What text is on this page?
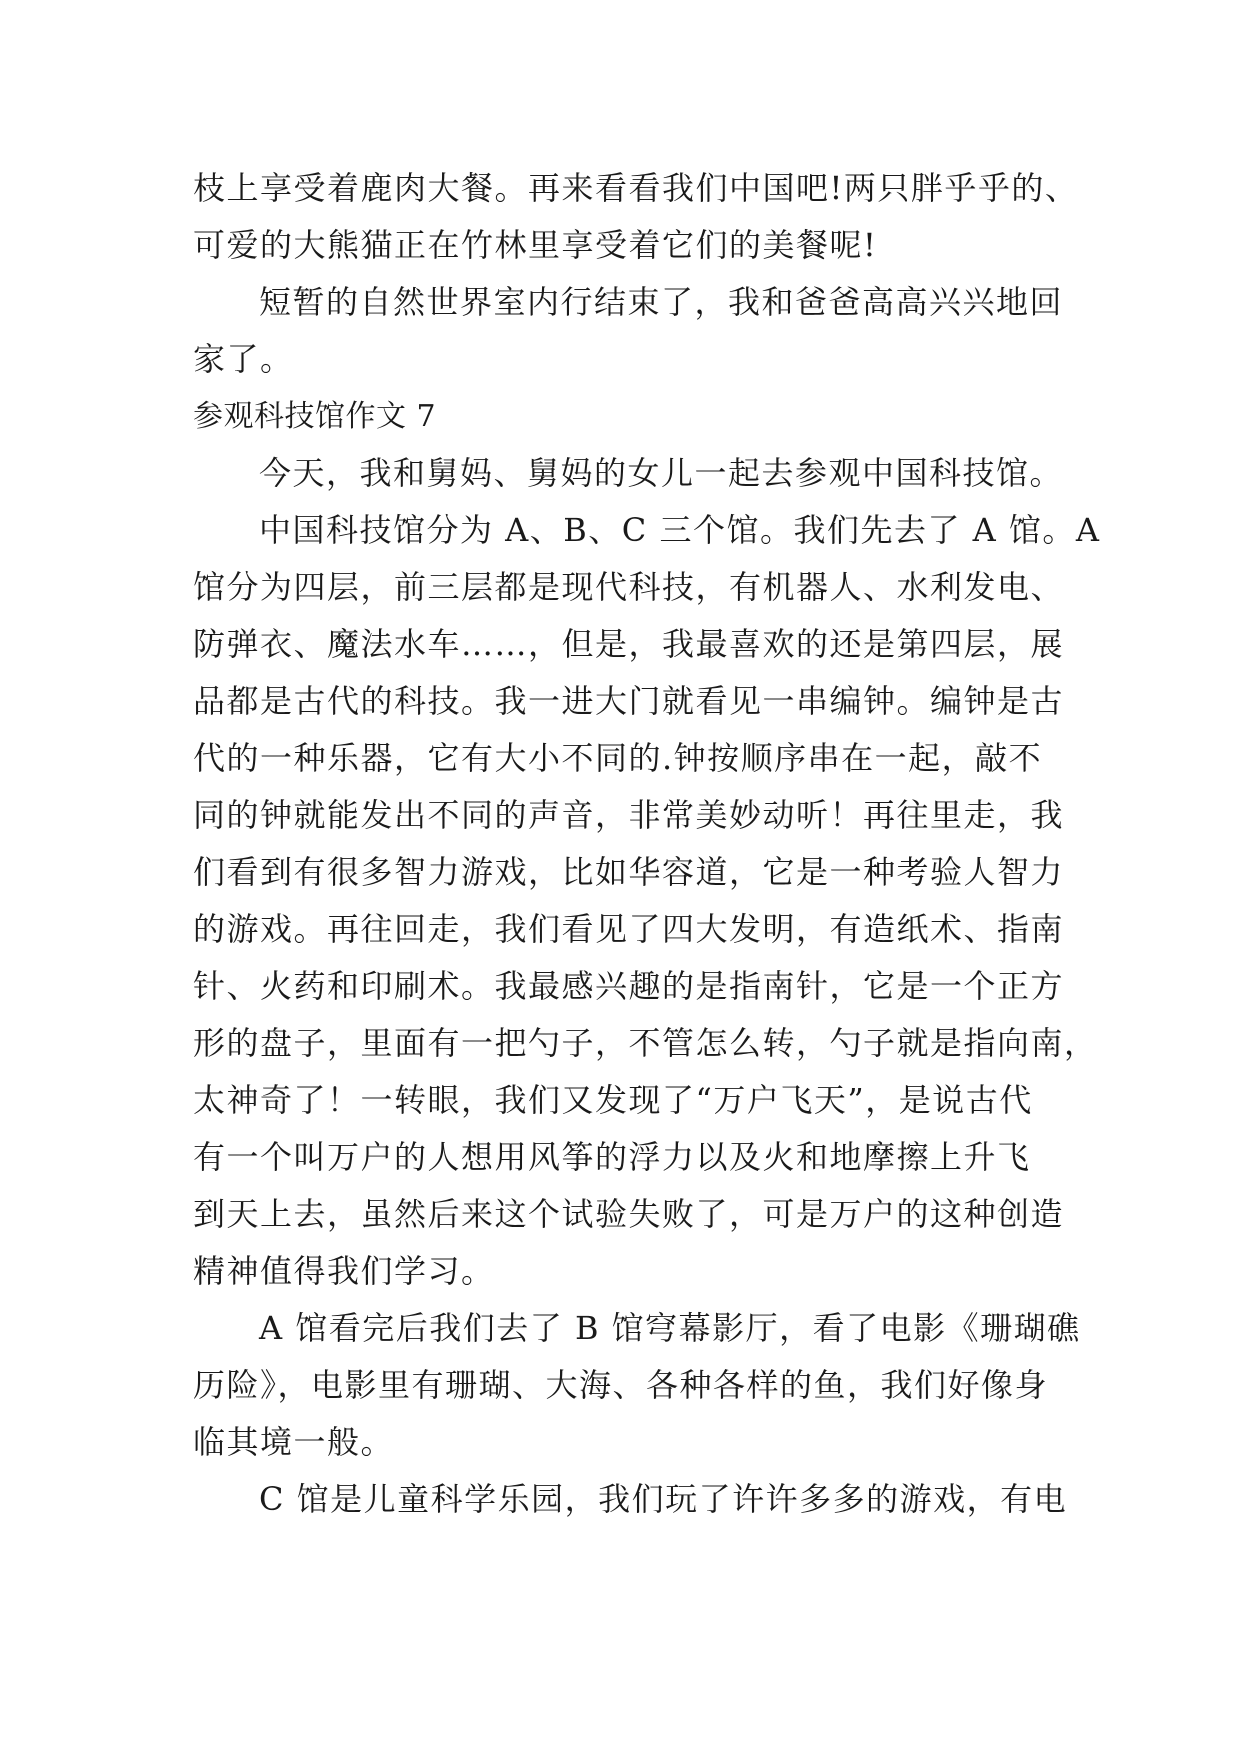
枝上享受着鹿肉大餐。再来看看我们中国吧!两只胖乎乎的、
可爱的大熊猫正在竹林里享受着它们的美餐呢!
短暂的自然世界室内行结束了，我和爸爸高高兴兴地回
家了。
参观科技馆作文 7
今天，我和舅妈、舅妈的女儿一起去参观中国科技馆。
中国科技馆分为 A、B、C 三个馆。我们先去了 A 馆。A
馆分为四层，前三层都是现代科技，有机器人、水利发电、
防弹衣、魔法水车……，但是，我最喜欢的还是第四层，展
品都是古代的科技。我一进大门就看见一串编钟。编钟是古
代的一种乐器，它有大小不同的.钟按顺序串在一起，敲不
同的钟就能发出不同的声音，非常美妙动听！再往里走，我
们看到有很多智力游戏，比如华容道，它是一种考验人智力
的游戏。再往回走，我们看见了四大发明，有造纸术、指南
针、火药和印刷术。我最感兴趣的是指南针，它是一个正方
形的盘子，里面有一把勺子，不管怎么转，勺子就是指向南，
太神奇了！一转眼，我们又发现了“万户飞天”，是说古代
有一个叫万户的人想用风筝的浮力以及火和地摩擦上升飞
到天上去，虽然后来这个试验失败了，可是万户的这种创造
精神值得我们学习。
A 馆看完后我们去了 B 馆穹幕影厅，看了电影《珊瑚礁
历险》，电影里有珊瑚、大海、各种各样的鱼，我们好像身
临其境一般。
C 馆是儿童科学乐园，我们玩了许许多多的游戏，有电
